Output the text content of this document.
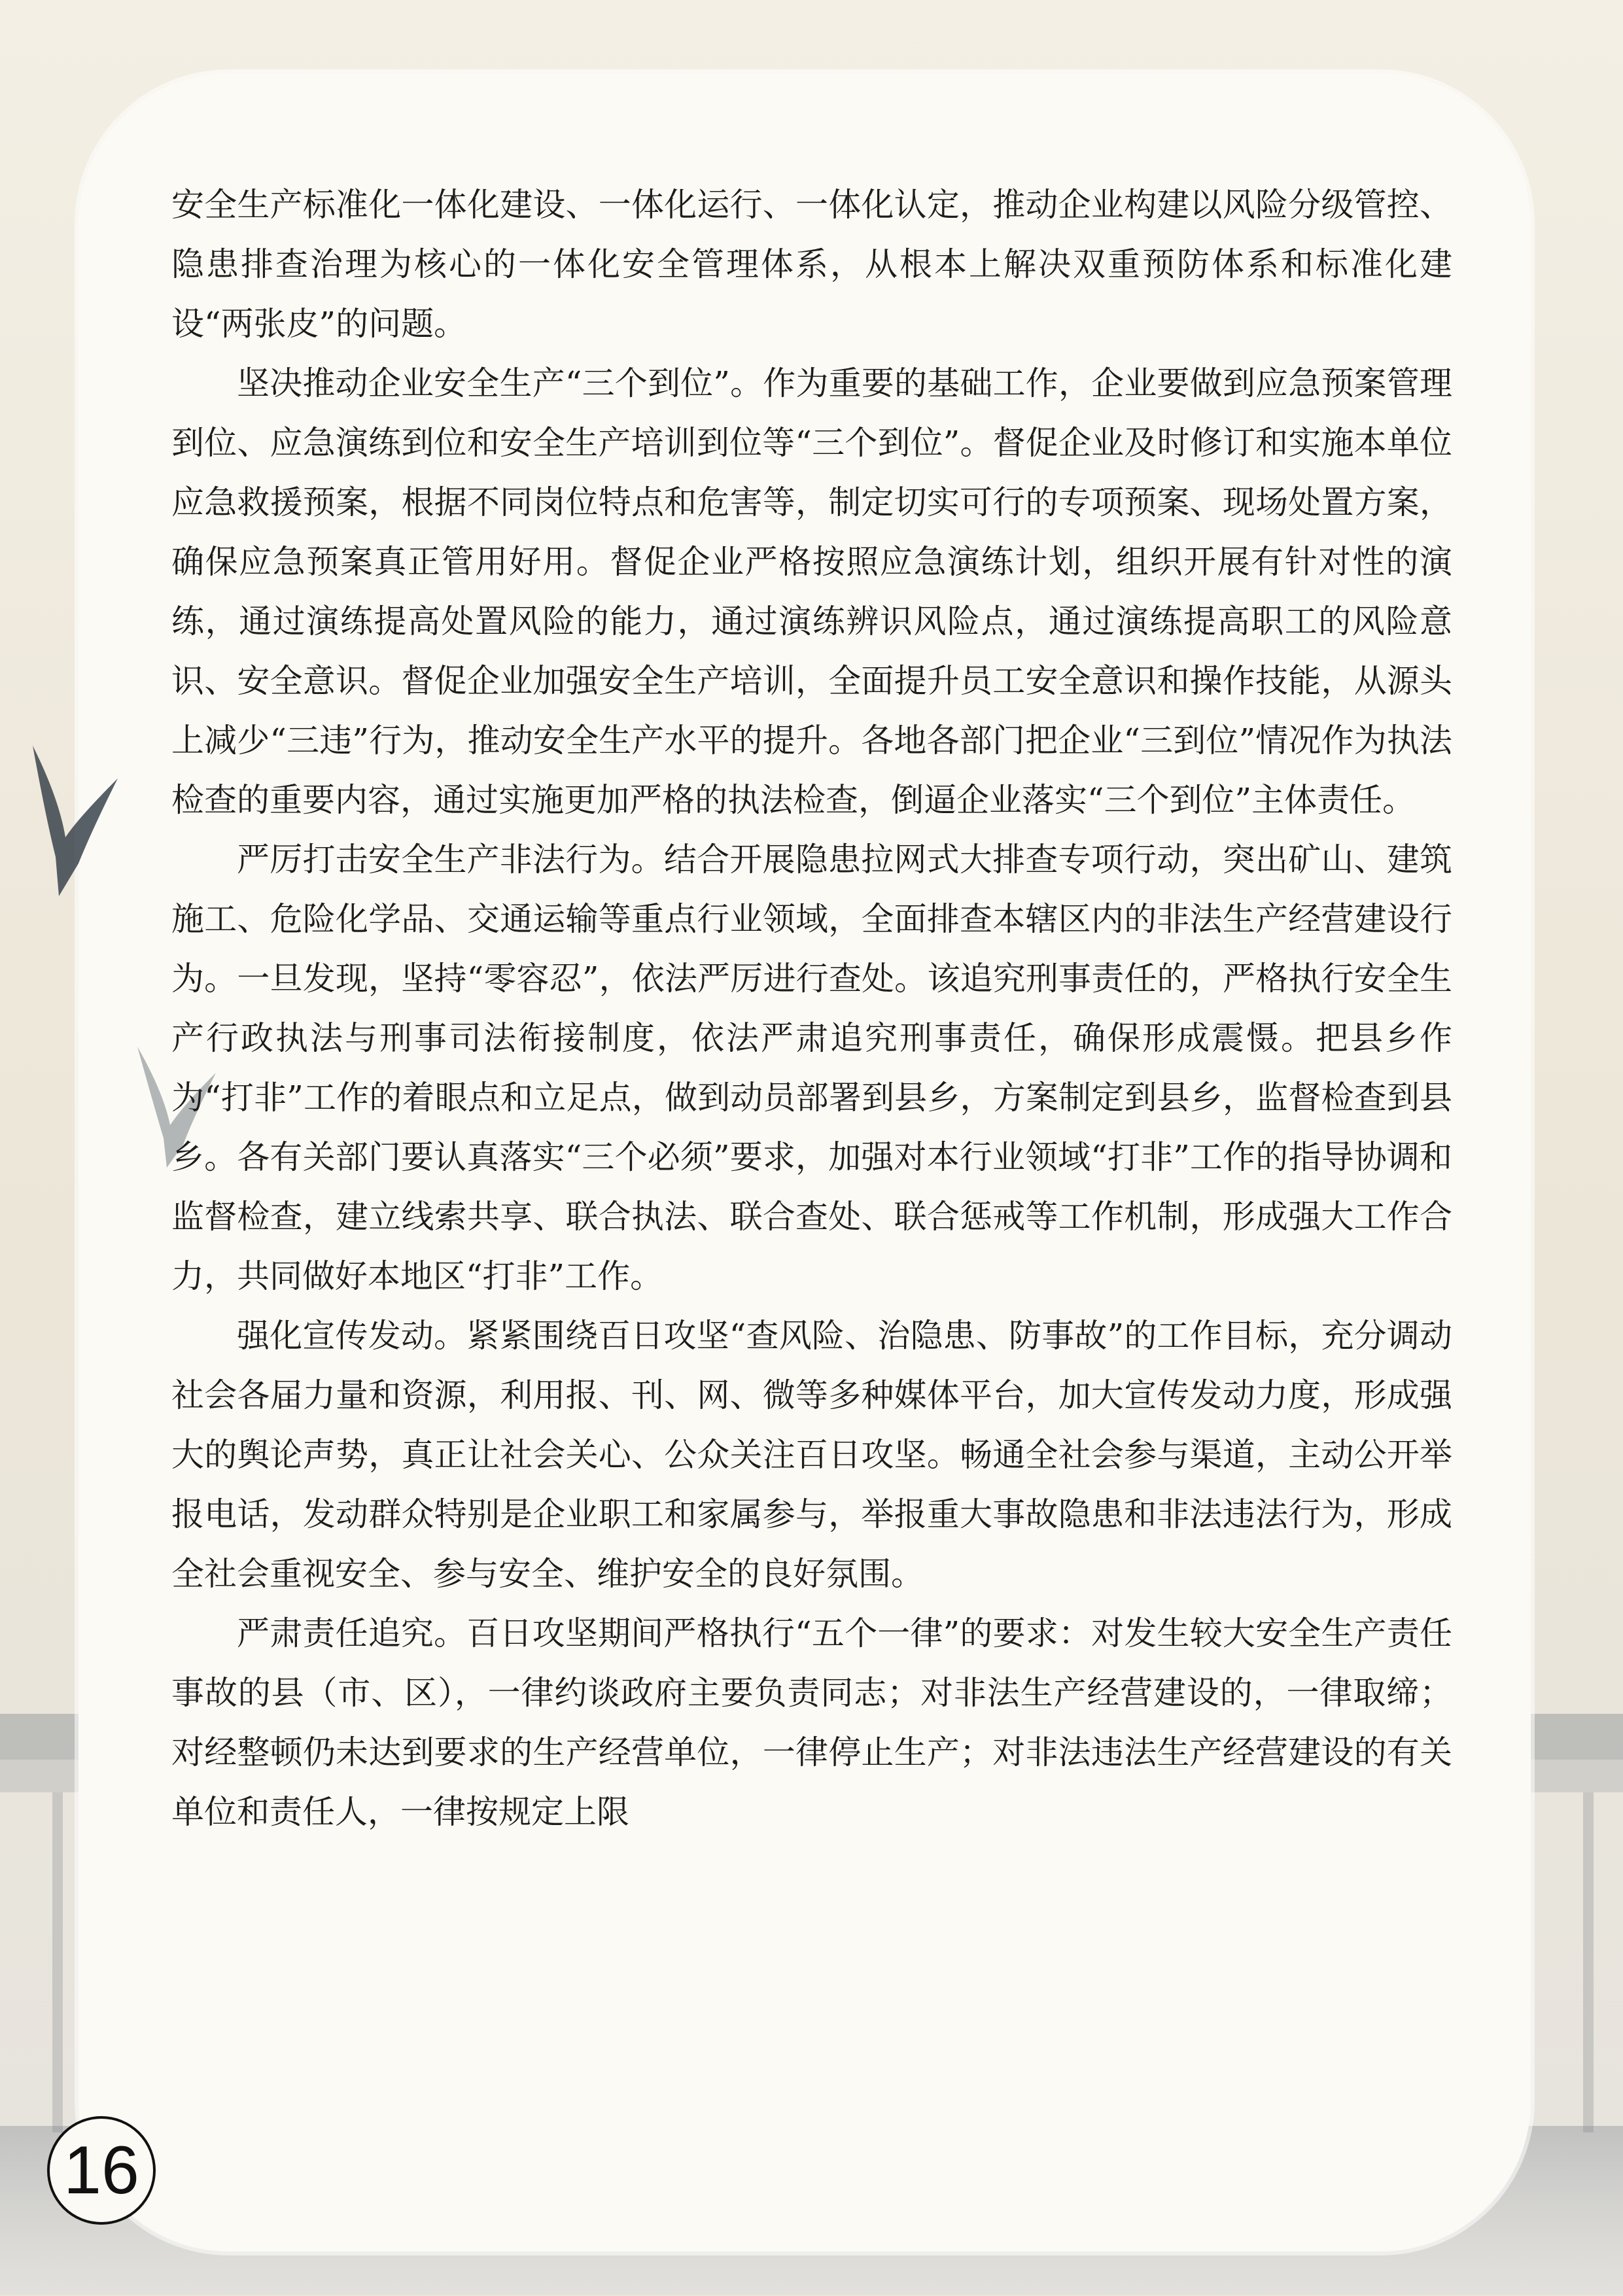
安全生产标准化一体化建设、一体化运行、一体化认定，推动企业构建以风险分级管控、隐患排查治理为核心的一体化安全管理体系，从根本上解决双重预防体系和标准化建设“两张皮”的问题。

坚决推动企业安全生产“三个到位”。作为重要的基础工作，企业要做到应急预案管理到位、应急演练到位和安全生产培训到位等“三个到位”。督促企业及时修订和实施本单位应急救援预案，根据不同岗位特点和危害等，制定切实可行的专项预案、现场处置方案，确保应急预案真正管用好用。督促企业严格按照应急演练计划，组织开展有针对性的演练，通过演练提高处置风险的能力，通过演练辨识风险点，通过演练提高职工的风险意识、安全意识。督促企业加强安全生产培训，全面提升员工安全意识和操作技能，从源头上减少“三违”行为，推动安全生产水平的提升。各地各部门把企业“三到位”情况作为执法检查的重要内容，通过实施更加严格的执法检查，倒逼企业落实“三个到位”主体责任。

严厉打击安全生产非法行为。结合开展隐患拉网式大排查专项行动，突出矿山、建筑施工、危险化学品、交通运输等重点行业领域，全面排查本辖区内的非法生产经营建设行为。一旦发现，坚持“零容忍”，依法严厉进行查处。该追究刑事责任的，严格执行安全生产行政执法与刑事司法衔接制度，依法严肃追究刑事责任，确保形成震慑。把县乡作为“打非”工作的着眼点和立足点，做到动员部署到县乡，方案制定到县乡，监督检查到县乡。各有关部门要认真落实“三个必须”要求，加强对本行业领域“打非”工作的指导协调和监督检查，建立线索共享、联合执法、联合查处、联合惩戒等工作机制，形成强大工作合力，共同做好本地区“打非”工作。

强化宣传发动。紧紧围绕百日攻坚“查风险、治隐患、防事故”的工作目标，充分调动社会各届力量和资源，利用报、刊、网、微等多种媒体平台，加大宣传发动力度，形成强大的舆论声势，真正让社会关心、公众关注百日攻坚。畅通全社会参与渠道，主动公开举报电话，发动群众特别是企业职工和家属参与，举报重大事故隐患和非法违法行为，形成全社会重视安全、参与安全、维护安全的良好氛围。

严肃责任追究。百日攻坚期间严格执行“五个一律”的要求：对发生较大安全生产责任事故的县（市、区），一律约谈政府主要负责同志；对非法生产经营建设的，一律取缔；对经整顿仍未达到要求的生产经营单位，一律停止生产；对非法违法生产经营建设的有关单位和责任人，一律按规定上限

16
